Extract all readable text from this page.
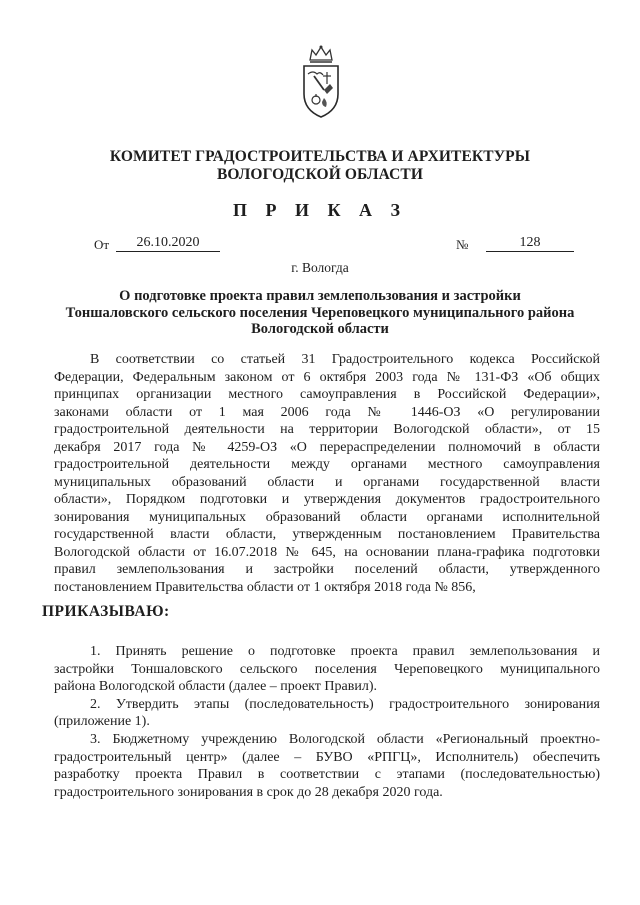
КОМИТЕТ ГРАДОСТРОИТЕЛЬСТВА И АРХИТЕКТУРЫ
ВОЛОГОДСКОЙ ОБЛАСТИ
П Р И К А З
От	26.10.2020	№	128
г. Вологда
О подготовке проекта правил землепользования и застройки
Тоншаловского сельского поселения Череповецкого муниципального района
Вологодской области
В соответствии со статьей 31 Градостроительного кодекса Российской
Федерации, Федеральным законом от 6 октября 2003 года № 131-ФЗ «Об общих
принципах организации местного самоуправления в Российской Федерации»,
законами области от 1 мая 2006 года № 1446-ОЗ «О регулировании
градостроительной деятельности на территории Вологодской области», от 15
декабря 2017 года № 4259-ОЗ «О перераспределении полномочий в области
градостроительной деятельности между органами местного самоуправления
муниципальных образований области и органами государственной власти
области», Порядком подготовки и утверждения документов градостроительного
зонирования муниципальных образований области органами исполнительной
государственной власти области, утвержденным постановлением Правительства
Вологодской области от 16.07.2018 № 645, на основании плана-графика подготовки
правил землепользования и застройки поселений области, утвержденного
постановлением Правительства области от 1 октября 2018 года № 856,
ПРИКАЗЫВАЮ:
1. Принять решение о подготовке проекта правил землепользования и
застройки Тоншаловского сельского поселения Череповецкого муниципального
района Вологодской области (далее – проект Правил).
2. Утвердить этапы (последовательность) градостроительного зонирования
(приложение 1).
3. Бюджетному учреждению Вологодской области «Региональный проектно-
градостроительный центр» (далее – БУВО «РПГЦ», Исполнитель) обеспечить
разработку проекта Правил в соответствии с этапами (последовательностью)
градостроительного зонирования в срок до 28 декабря 2020 года.
